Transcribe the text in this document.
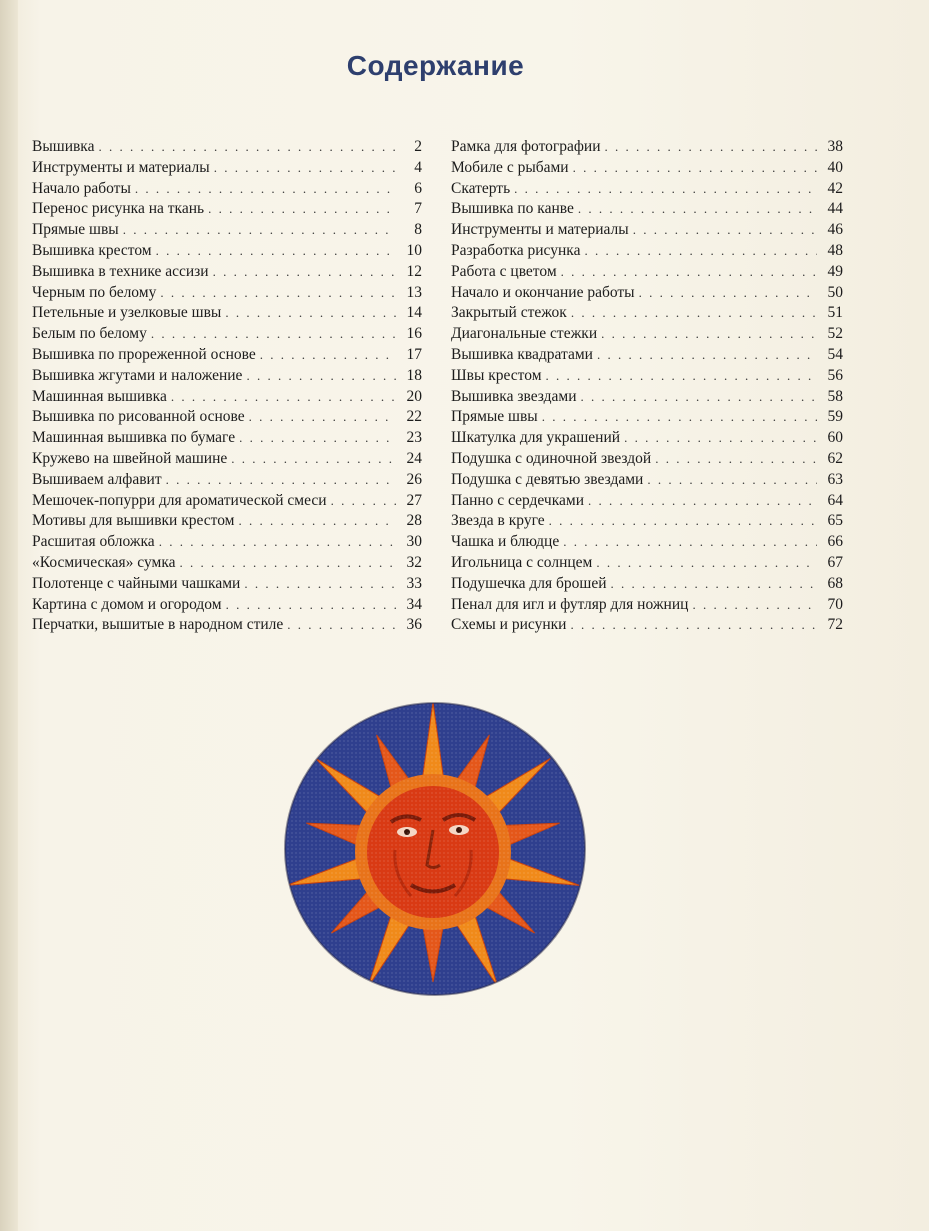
Содержание
Вышивка . . .	2
Инструменты и материалы . . .	4
Начало работы . . .	6
Перенос рисунка на ткань . . .	7
Прямые швы . . .	8
Вышивка крестом . . .	10
Вышивка в технике ассизи . . .	12
Черным по белому . . .	13
Петельные и узелковые швы . . .	14
Белым по белому . . .	16
Вышивка по прореженной основе . . .	17
Вышивка жгутами и наложение . . .	18
Машинная вышивка . . .	20
Вышивка по рисованной основе . . .	22
Машинная вышивка по бумаге . . .	23
Кружево на швейной машине . . .	24
Вышиваем алфавит . . .	26
Мешочек-попурри для ароматической смеси . . .	27
Мотивы для вышивки крестом . . .	28
Расшитая обложка . . .	30
«Космическая» сумка . . .	32
Полотенце с чайными чашками . . .	33
Картина с домом и огородом . . .	34
Перчатки, вышитые в народном стиле . . .	36
Рамка для фотографии . . .	38
Мобиле с рыбами . . .	40
Скатерть . . .	42
Вышивка по канве . . .	44
Инструменты и материалы . . .	46
Разработка рисунка . . .	48
Работа с цветом . . .	49
Начало и окончание работы . . .	50
Закрытый стежок . . .	51
Диагональные стежки . . .	52
Вышивка квадратами . . .	54
Швы крестом . . .	56
Вышивка звездами . . .	58
Прямые швы . . .	59
Шкатулка для украшений . . .	60
Подушка с одиночной звездой . . .	62
Подушка с девятью звездами . . .	63
Панно с сердечками . . .	64
Звезда в круге . . .	65
Чашка и блюдце . . .	66
Игольница с солнцем . . .	67
Подушечка для брошей . . .	68
Пенал для игл и футляр для ножниц . . .	70
Схемы и рисунки . . .	72
